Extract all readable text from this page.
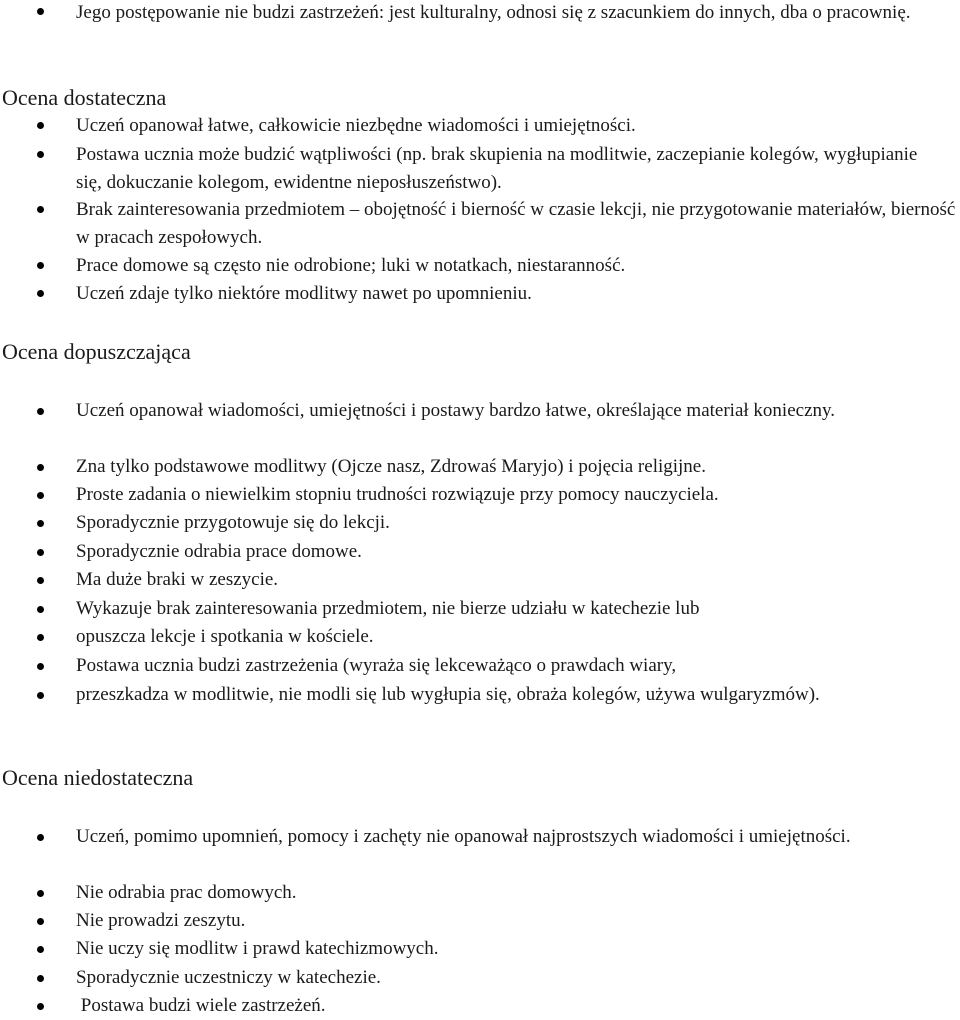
Jego postępowanie nie budzi zastrzeżeń: jest kulturalny, odnosi się z szacunkiem do innych, dba o pracownię.
Ocena dostateczna
Uczeń opanował łatwe, całkowicie niezbędne wiadomości i umiejętności.
Postawa ucznia może budzić wątpliwości (np. brak skupienia na modlitwie, zaczepianie kolegów, wygłupianie się, dokuczanie kolegom, ewidentne nieposłuszeństwo).
Brak zainteresowania przedmiotem – obojętność i bierność w czasie lekcji, nie przygotowanie materiałów, bierność w pracach zespołowych.
Prace domowe są często nie odrobione; luki w notatkach, niestaranność.
Uczeń zdaje tylko niektóre modlitwy nawet po upomnieniu.
Ocena dopuszczająca
Uczeń opanował wiadomości, umiejętności i postawy bardzo łatwe, określające materiał konieczny.
Zna tylko podstawowe modlitwy (Ojcze nasz, Zdrowaś Maryjo) i pojęcia religijne.
Proste zadania o niewielkim stopniu trudności rozwiązuje przy pomocy nauczyciela.
Sporadycznie przygotowuje się do lekcji.
Sporadycznie odrabia prace domowe.
Ma duże braki w zeszycie.
Wykazuje brak zainteresowania przedmiotem, nie bierze udziału w katechezie lub
opuszcza lekcje i spotkania w kościele.
Postawa ucznia budzi zastrzeżenia (wyraża się lekceważąco o prawdach wiary,
przeszkadza w modlitwie, nie modli się lub wygłupia się, obraża kolegów, używa wulgaryzmów).
Ocena niedostateczna
Uczeń, pomimo upomnień, pomocy i zachęty nie opanował najprostszych wiadomości i umiejętności.
Nie odrabia prac domowych.
Nie prowadzi zeszytu.
Nie uczy się modlitw i prawd katechizmowych.
Sporadycznie uczestniczy w katechezie.
Postawa budzi wiele zastrzeżeń.
